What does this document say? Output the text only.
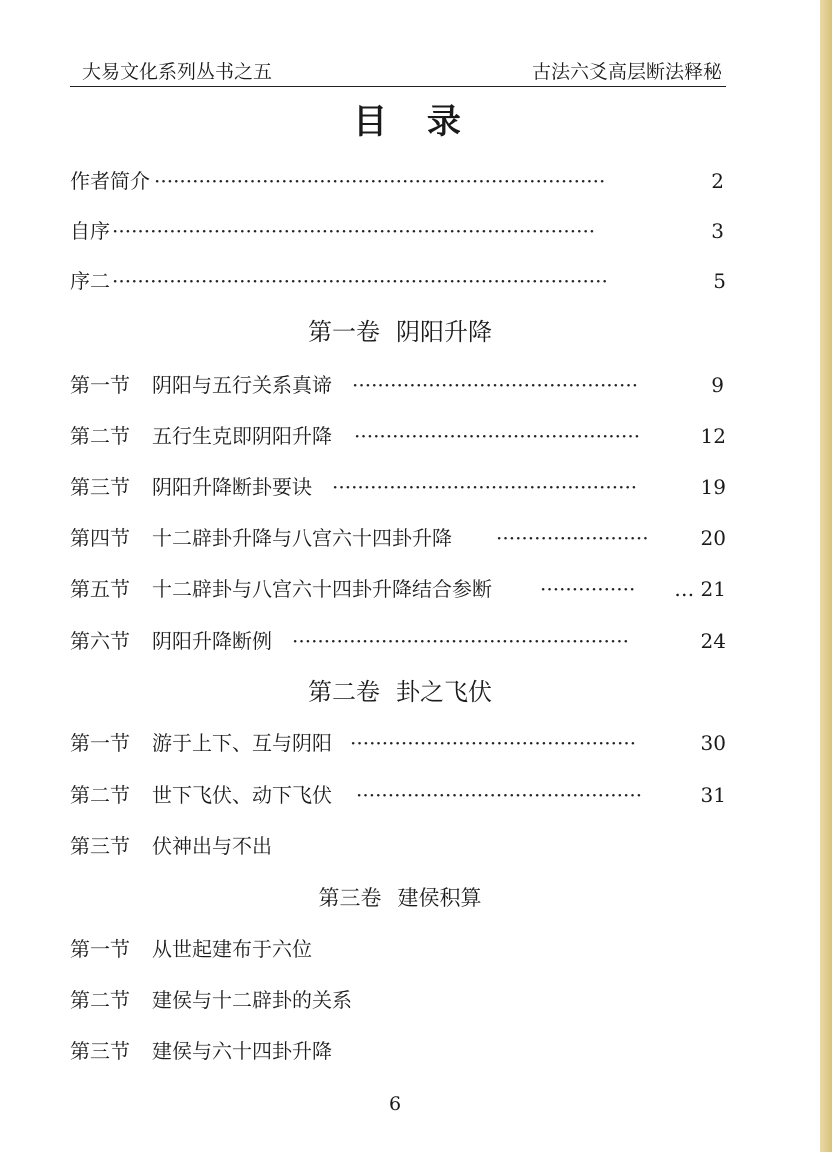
大易文化系列丛书之五	古法六爻高层断法释秘
目 录
作者简介 ·······································································	2
自序 ············································································	3
序二 ··············································································	5
第一卷 阴阳升降
第一节 阴阳与五行关系真谛 ·············································	9
第二节 五行生克即阴阳升降 ·············································	12
第三节 阴阳升降断卦要诀 ················································	19
第四节 十二辟卦升降与八宫六十四卦升降 ························	20
第五节 十二辟卦与八宫六十四卦升降结合参断 ···············	… 21
第六节 阴阳升降断例 ·····················································	24
第二卷 卦之飞伏
第一节 游于上下、互与阴阳 ·············································	30
第二节 世下飞伏、动下飞伏 ·············································	31
第三节 伏神出与不出
第三卷 建侯积算
第一节 从世起建布于六位
第二节 建侯与十二辟卦的关系
第三节 建侯与六十四卦升降
6
